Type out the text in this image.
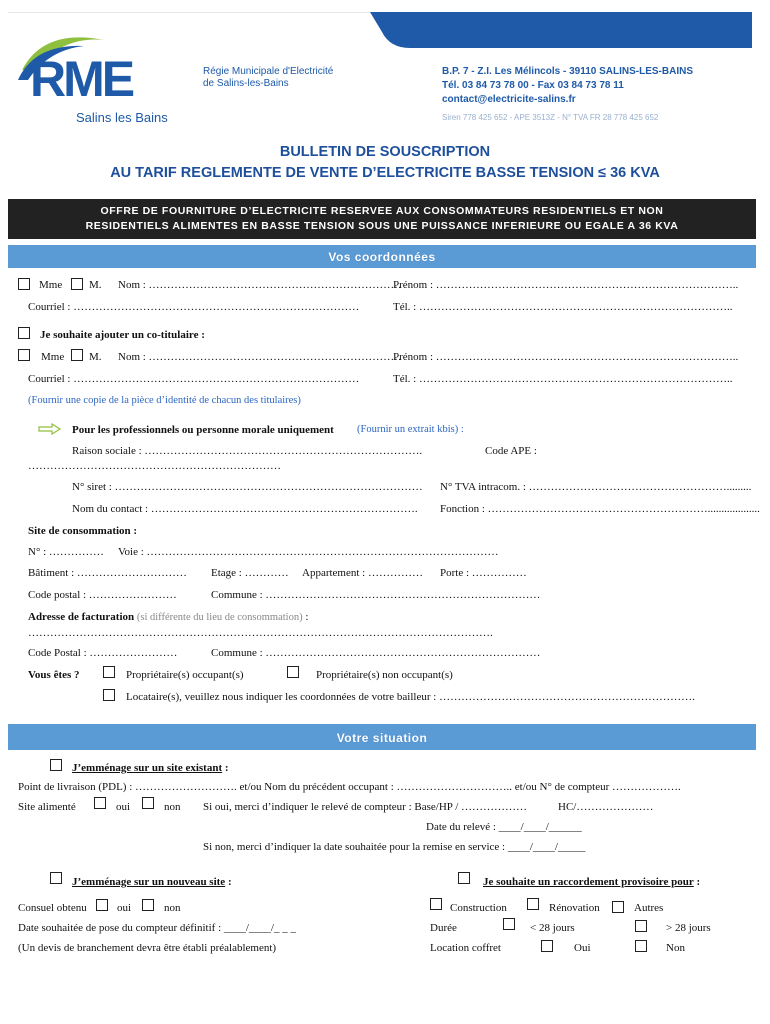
RME
Salins les Bains
Régie Municipale d'Electricité
de Salins-les-Bains
B.P. 7 - Z.I. Les Mélincols - 39110 SALINS-LES-BAINS
Tél. 03 84 73 78 00 - Fax 03 84 73 78 11
contact@electricite-salins.fr
Siren 778 425 652 - APE 3513Z - N° TVA FR 28 778 425 652
BULLETIN DE SOUSCRIPTION
AU TARIF REGLEMENTE DE VENTE D’ELECTRICITE BASSE TENSION ≤ 36 KVA
OFFRE DE FOURNITURE D’ELECTRICITE RESERVEE AUX CONSOMMATEURS RESIDENTIELS ET NON
RESIDENTIELS ALIMENTES EN BASSE TENSION SOUS UNE PUISSANCE INFERIEURE OU EGALE A 36 KVA
Vos coordonnées
Mme M. Nom : ……………………………………………………………
Prénom : ………………………………………………………………………..
Courriel : ……………………………………………………………………	Tél. : …………………………………………………………………………..
Je souhaite ajouter un co-titulaire :
Mme M. Nom : ……………………………………………………………
Prénom : ………………………………………………………………………..
Courriel : ……………………………………………………………………	Tél. : …………………………………………………………………………..
(Fournir une copie de la pièce d’identité de chacun des titulaires)
Pour les professionnels ou personne morale uniquement (Fournir un extrait kbis) :
Raison sociale : ………………………………………………………………….	Code APE :
……………………………………………………………
N° siret : ………………………………………………………………………… N° TVA intracom. : ……………………………………………….........
Nom du contact : ………………………………………………………………. Fonction : ……………………………………………………...................
Site de consommation :
N° : …………… Voie : ……………………………………………………………………………………
Bâtiment : ………………………… Etage : ………… Appartement : …………… Porte : ……………
Code postal : ……………………	Commune : …………………………………………………………………
Adresse de facturation (si différente du lieu de consommation) :
……………………………………………………………………………………………………………….
Code Postal : ……………………	Commune : …………………………………………………………………
Vous êtes ?	Propriétaire(s) occupant(s)	Propriétaire(s) non occupant(s)
Locataire(s), veuillez nous indiquer les coordonnées de votre bailleur : …………………………………………………………….
Votre situation
J’emménage sur un site existant :
Point de livraison (PDL) : ………………………. et/ou Nom du précédent occupant : ………………………….. et/ou N° de compteur ……………….
Site alimenté	oui	non Si oui, merci d’indiquer le relevé de compteur : Base/HP / ………………	HC/…………………
Date du relevé : ____/____/______
Si non, merci d’indiquer la date souhaitée pour la remise en service : ____/____/_____
J’emménage sur un nouveau site :	Je souhaite un raccordement provisoire pour :
Consuel obtenu	oui	non	Construction	Rénovation	Autres
Date souhaitée de pose du compteur définitif : ____/____/_ _ _	Durée	< 28 jours	> 28 jours
(Un devis de branchement devra être établi préalablement)	Location coffret	Oui	Non
